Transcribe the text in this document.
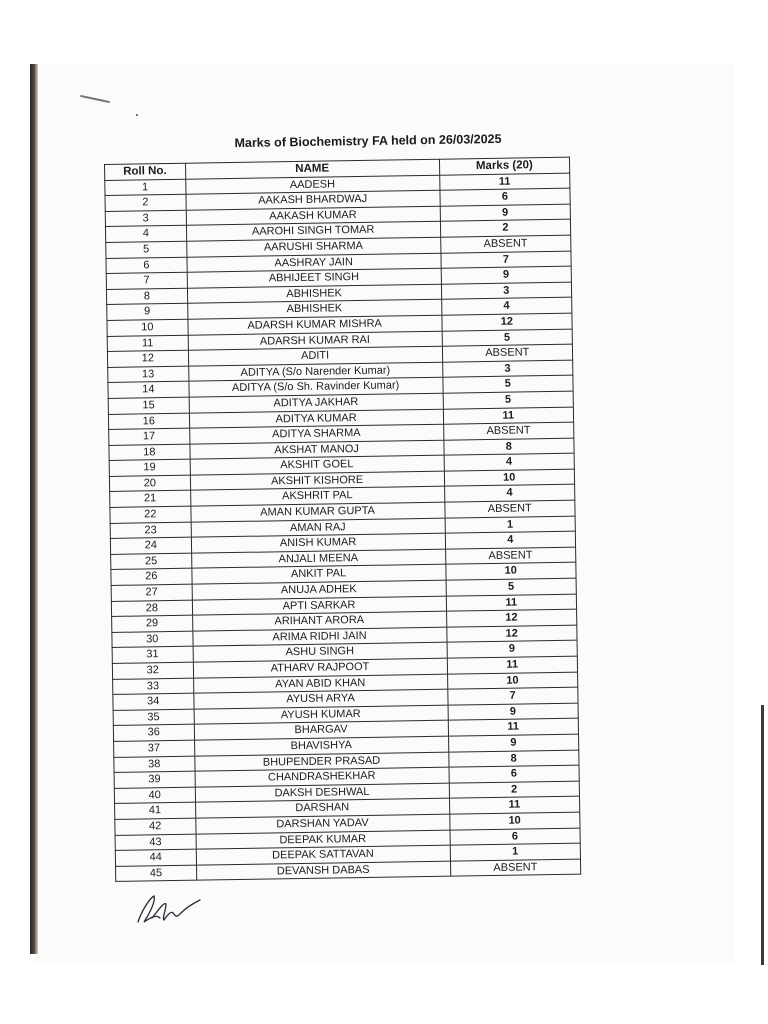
Marks of Biochemistry FA held on 26/03/2025
Roll No.	NAME	Marks (20)
1	AADESH	11
2	AAKASH BHARDWAJ	6
3	AAKASH KUMAR	9
4	AAROHI SINGH TOMAR	2
5	AARUSHI SHARMA	ABSENT
6	AASHRAY JAIN	7
7	ABHIJEET SINGH	9
8	ABHISHEK	3
9	ABHISHEK	4
10	ADARSH KUMAR MISHRA	12
11	ADARSH KUMAR RAI	5
12	ADITI	ABSENT
13	ADITYA (S/o Narender Kumar)	3
14	ADITYA (S/o Sh. Ravinder Kumar)	5
15	ADITYA JAKHAR	5
16	ADITYA KUMAR	11
17	ADITYA SHARMA	ABSENT
18	AKSHAT MANOJ	8
19	AKSHIT GOEL	4
20	AKSHIT KISHORE	10
21	AKSHRIT PAL	4
22	AMAN KUMAR GUPTA	ABSENT
23	AMAN RAJ	1
24	ANISH KUMAR	4
25	ANJALI MEENA	ABSENT
26	ANKIT PAL	10
27	ANUJA ADHEK	5
28	APTI SARKAR	11
29	ARIHANT ARORA	12
30	ARIMA RIDHI JAIN	12
31	ASHU SINGH	9
32	ATHARV RAJPOOT	11
33	AYAN ABID KHAN	10
34	AYUSH ARYA	7
35	AYUSH KUMAR	9
36	BHARGAV	11
37	BHAVISHYA	9
38	BHUPENDER PRASAD	8
39	CHANDRASHEKHAR	6
40	DAKSH DESHWAL	2
41	DARSHAN	11
42	DARSHAN YADAV	10
43	DEEPAK KUMAR	6
44	DEEPAK SATTAVAN	1
45	DEVANSH DABAS	ABSENT
